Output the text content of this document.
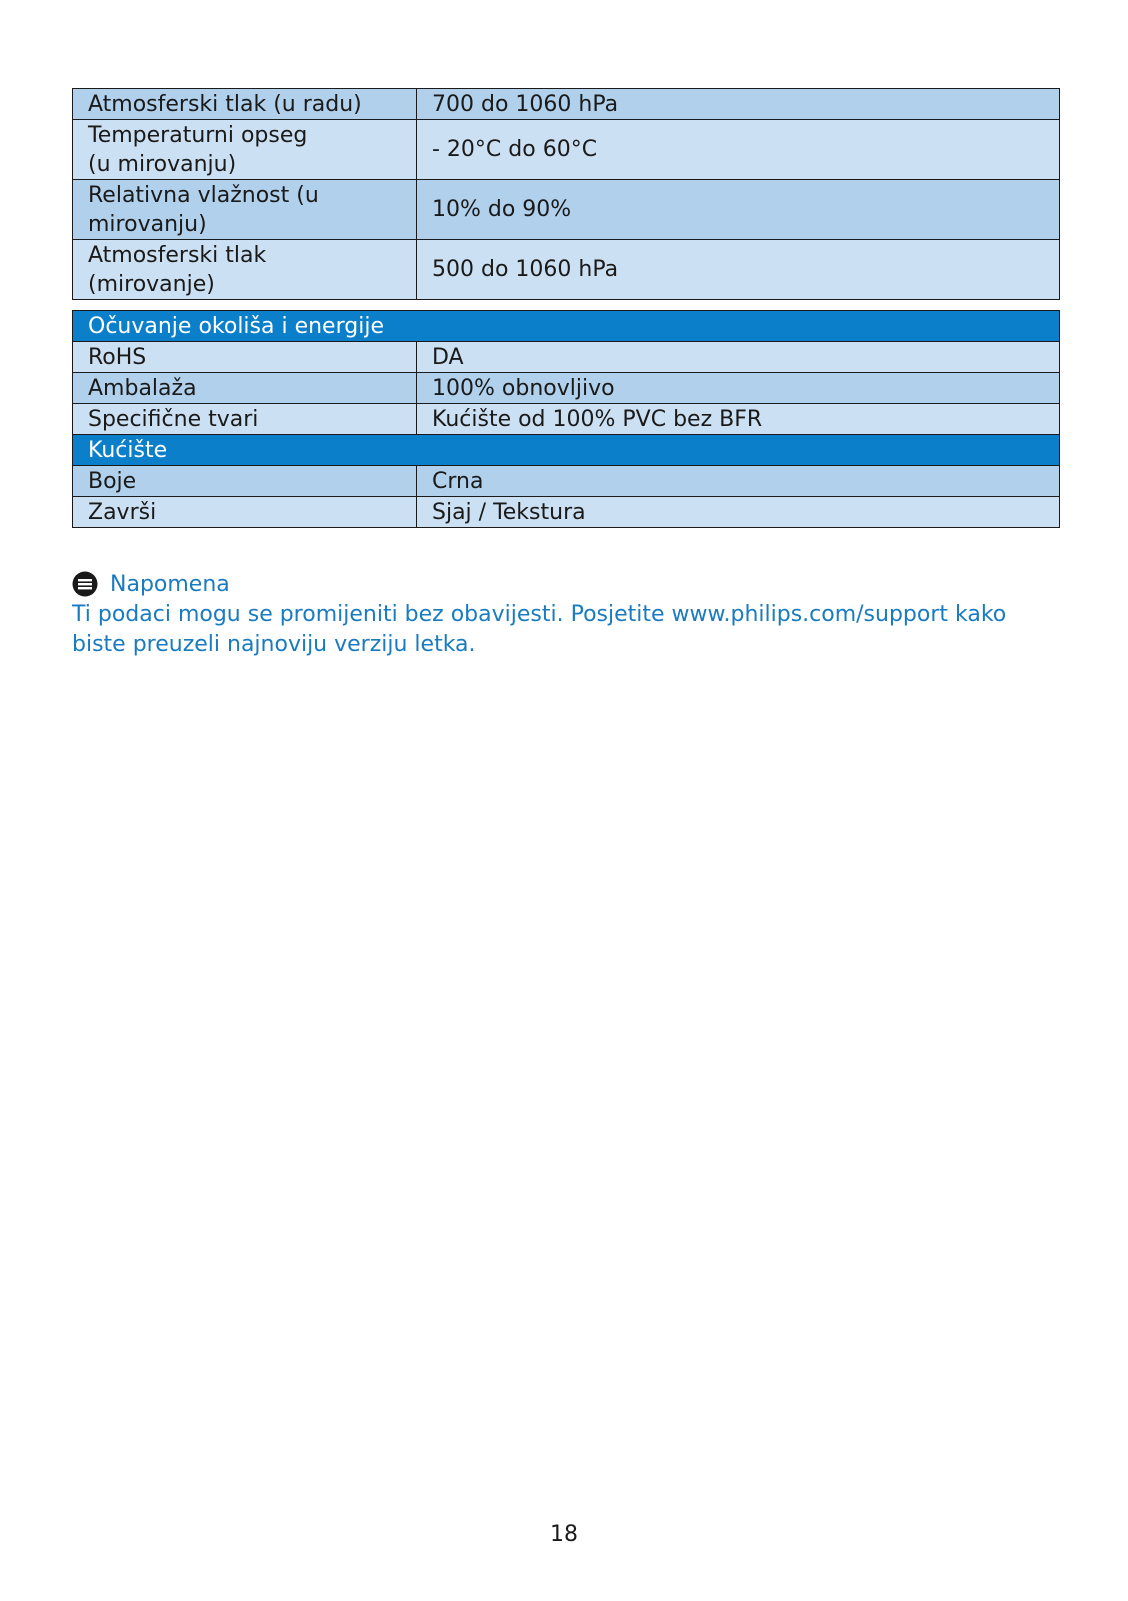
Atmosferski tlak (u radu)	700 do 1060 hPa
Temperaturni opseg
(u mirovanju)	- 20°C do 60°C
Relativna vlažnost (u
mirovanju)	10% do 90%
Atmosferski tlak
(mirovanje)	500 do 1060 hPa
Očuvanje okoliša i energije	
RoHS	DA
Ambalaža	100% obnovljivo
Specifične tvari	Kućište od 100% PVC bez BFR
Kućište	
Boje	Crna
Završi	Sjaj / Tekstura
Napomena
Ti podaci mogu se promijeniti bez obavijesti. Posjetite www.philips.com/support kako
biste preuzeli najnoviju verziju letka.
18
